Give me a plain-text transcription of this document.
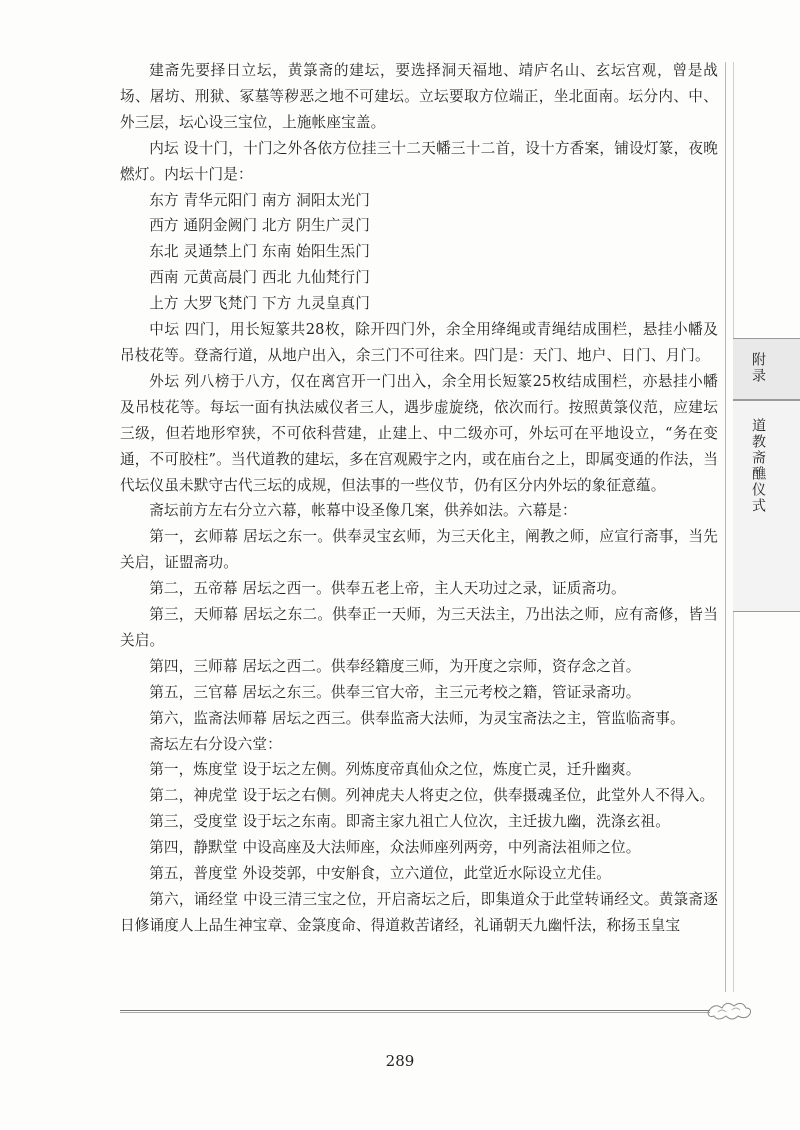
附录
道教斋醮仪式

建斋先要择日立坛，黄箓斋的建坛，要选择洞天福地、靖庐名山、玄坛宫观，曾是战场、屠坊、刑狱、冢墓等秽恶之地不可建坛。立坛要取方位端正，坐北面南。坛分内、中、外三层，坛心设三宝位，上施帐座宝盖。

内坛 设十门，十门之外各依方位挂三十二天幡三十二首，设十方香案，铺设灯篆，夜晚燃灯。内坛十门是：

东方 青华元阳门 南方 洞阳太光门

西方 通阴金阙门 北方 阴生广灵门

东北 灵通禁上门 东南 始阳生炁门

西南 元黄高晨门 西北 九仙梵行门

上方 大罗飞梵门 下方 九灵皇真门

中坛 四门，用长短篆共28枚，除开四门外，余全用绛绳或青绳结成围栏，悬挂小幡及吊枝花等。登斋行道，从地户出入，余三门不可往来。四门是：天门、地户、日门、月门。

外坛 列八榜于八方，仅在离宫开一门出入，余全用长短篆25枚结成围栏，亦悬挂小幡及吊枝花等。每坛一面有执法威仪者三人，遇步虚旋绕，依次而行。按照黄箓仪范，应建坛三级，但若地形窄狭，不可依科营建，止建上、中二级亦可，外坛可在平地设立，“务在变通，不可胶柱”。当代道教的建坛，多在宫观殿宇之内，或在庙台之上，即属变通的作法，当代坛仪虽未默守古代三坛的成规，但法事的一些仪节，仍有区分内外坛的象征意蕴。

斋坛前方左右分立六幕，帐幕中设圣像几案，供养如法。六幕是：

第一，玄师幕 居坛之东一。供奉灵宝玄师，为三天化主，阐教之师，应宣行斋事，当先关启，证盟斋功。

第二，五帝幕 居坛之西一。供奉五老上帝，主人天功过之录，证质斋功。

第三，天师幕 居坛之东二。供奉正一天师，为三天法主，乃出法之师，应有斋修，皆当关启。

第四，三师幕 居坛之西二。供奉经籍度三师，为开度之宗师，资存念之首。

第五，三官幕 居坛之东三。供奉三官大帝，主三元考校之籍，管证录斋功。

第六，监斋法师幕 居坛之西三。供奉监斋大法师，为灵宝斋法之主，管监临斋事。

斋坛左右分设六堂：

第一，炼度堂 设于坛之左侧。列炼度帝真仙众之位，炼度亡灵，迁升幽爽。

第二，神虎堂 设于坛之右侧。列神虎夫人将吏之位，供奉摄魂圣位，此堂外人不得入。

第三，受度堂 设于坛之东南。即斋主家九祖亡人位次，主迁拔九幽，洗涤玄祖。

第四，静默堂 中设高座及大法师座，众法师座列两旁，中列斋法祖师之位。

第五，普度堂 外设茭郭，中安斛食，立六道位，此堂近水际设立尤佳。

第六，诵经堂 中设三清三宝之位，开启斋坛之后，即集道众于此堂转诵经文。黄箓斋逐日修诵度人上品生神宝章、金箓度命、得道救苦诸经，礼诵朝天九幽忏法，称扬玉皇宝

289
